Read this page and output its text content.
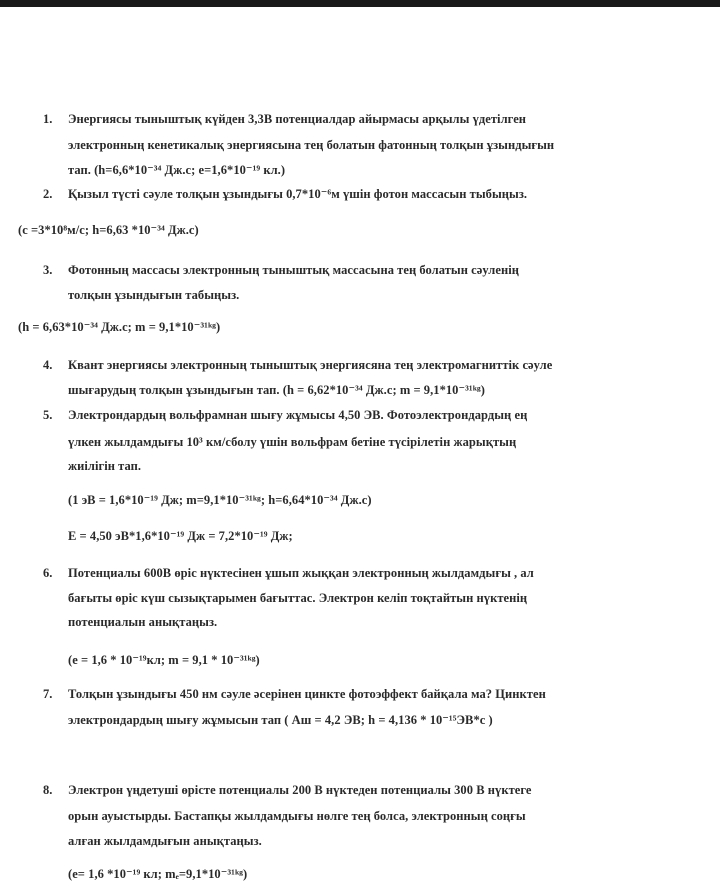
1. Энергиясы тыныштық күйден 3,3В потенциалдар айырмасы арқылы үдетілген
электронның кенетикалық энергиясына тең болатын фатонның толқын ұзындығын
тап. (h=6,6*10⁻³⁴ Дж.с; е=1,6*10⁻¹⁹ кл.)
2. Қызыл түсті сәуле толқын ұзындығы 0,7*10⁻⁶м үшін фотон массасын тыбыңыз.
(с =3*10⁸м/с; h=6,63 *10⁻³⁴ Дж.с)
3. Фотонның массасы электронның тыныштық массасына тең болатын сәуленің
толқын ұзындығын табыңыз.
(h = 6,63*10⁻³⁴ Дж.с; m = 9,1*10⁻³¹ᵏᵍ)
4. Квант энергиясы электронның тыныштық энергиясяна тең электромагниттік сәуле
шығарудың толқын ұзындығын тап. (h = 6,62*10⁻³⁴ Дж.с; m = 9,1*10⁻³¹ᵏᵍ)
5. Электрондардың вольфрамнан шығу жұмысы 4,50 ЭВ. Фотоэлектрондардың ең
үлкен жылдамдығы 10³ км/сболу үшін вольфрам бетіне түсірілетін жарықтың
жиілігін тап.
(1 эВ = 1,6*10⁻¹⁹ Дж; m=9,1*10⁻³¹ᵏᵍ; h=6,64*10⁻³⁴ Дж.с)
E = 4,50 эВ*1,6*10⁻¹⁹ Дж = 7,2*10⁻¹⁹ Дж;
6. Потенциалы 600В өріс нүктесінен ұшып жыққан электронның жылдамдығы , ал
бағыты өріс күш сызықтарымен бағыттас. Электрон келіп тоқтайтын нүктенің
потенциалын анықтаңыз.
(е = 1,6 * 10⁻¹⁹кл; m = 9,1 * 10⁻³¹ᵏᵍ)
7. Толқын ұзындығы 450 нм сәуле әсерінен цинкте фотоэффект байқала ма? Цинктен
электрондардың шығу жұмысын тап ( Аш = 4,2 ЭВ; h = 4,136 * 10⁻¹⁵ЭВ*с )
8. Электрон үңдетуші өрісте потенциалы 200 В нүктеден потенциалы 300 В нүктеге
орын ауыстырды. Бастапқы жылдамдығы нөлге тең болса, электронның соңғы
алған жылдамдығын анықтаңыз.
(е= 1,6 *10⁻¹⁹ кл; mₑ=9,1*10⁻³¹ᵏᵍ)
